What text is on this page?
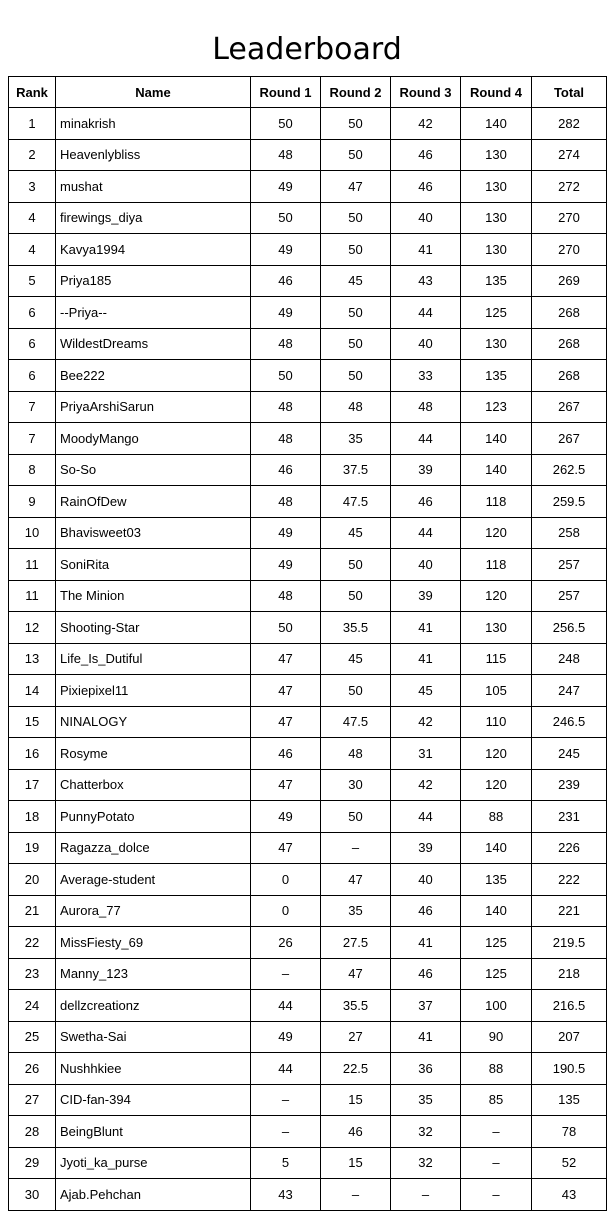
Leaderboard
Rank	Name	Round 1	Round 2	Round 3	Round 4	Total
1	minakrish	50	50	42	140	282
2	Heavenlybliss	48	50	46	130	274
3	mushat	49	47	46	130	272
4	firewings_diya	50	50	40	130	270
4	Kavya1994	49	50	41	130	270
5	Priya185	46	45	43	135	269
6	--Priya--	49	50	44	125	268
6	WildestDreams	48	50	40	130	268
6	Bee222	50	50	33	135	268
7	PriyaArshiSarun	48	48	48	123	267
7	MoodyMango	48	35	44	140	267
8	So-So	46	37.5	39	140	262.5
9	RainOfDew	48	47.5	46	118	259.5
10	Bhavisweet03	49	45	44	120	258
11	SoniRita	49	50	40	118	257
11	The Minion	48	50	39	120	257
12	Shooting-Star	50	35.5	41	130	256.5
13	Life_Is_Dutiful	47	45	41	115	248
14	Pixiepixel11	47	50	45	105	247
15	NINALOGY	47	47.5	42	110	246.5
16	Rosyme	46	48	31	120	245
17	Chatterbox	47	30	42	120	239
18	PunnyPotato	49	50	44	88	231
19	Ragazza_dolce	47	–	39	140	226
20	Average-student	0	47	40	135	222
21	Aurora_77	0	35	46	140	221
22	MissFiesty_69	26	27.5	41	125	219.5
23	Manny_123	–	47	46	125	218
24	dellzcreationz	44	35.5	37	100	216.5
25	Swetha-Sai	49	27	41	90	207
26	Nushhkiee	44	22.5	36	88	190.5
27	CID-fan-394	–	15	35	85	135
28	BeingBlunt	–	46	32	–	78
29	Jyoti_ka_purse	5	15	32	–	52
30	Ajab.Pehchan	43	–	–	–	43
